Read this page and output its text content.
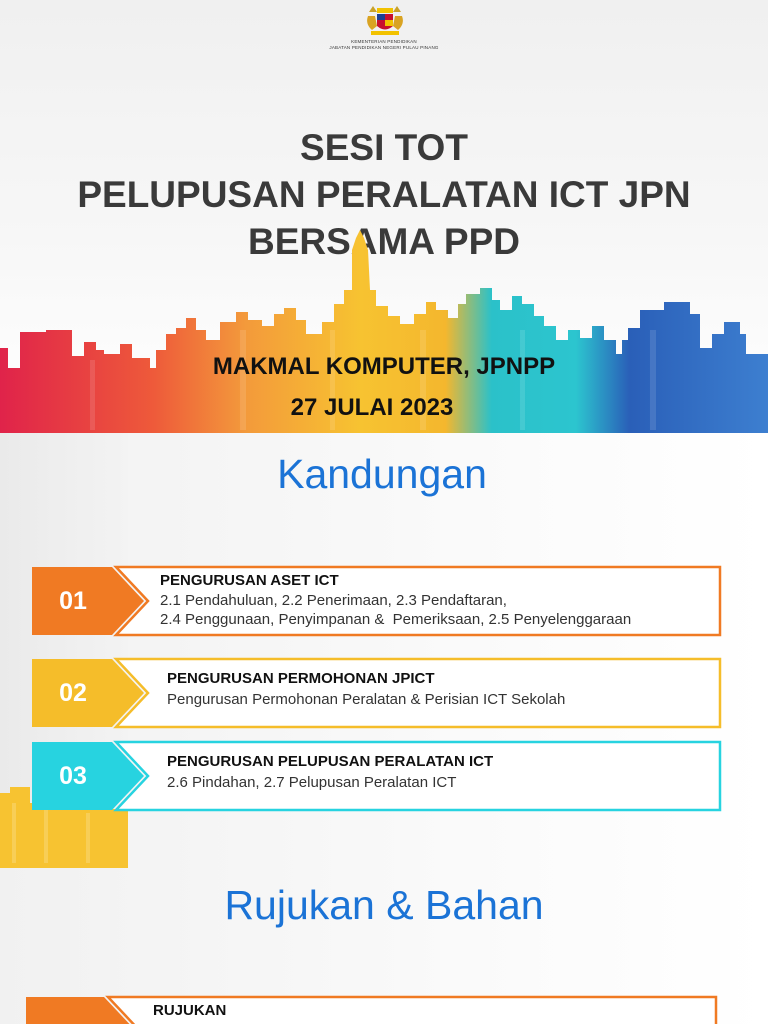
KEMENTERIAN PENDIDIKAN
JABATAN PENDIDIKAN NEGERI PULAU PINANG
SESI TOT
PELUPUSAN PERALATAN ICT JPN
BERSAMA PPD
MAKMAL KOMPUTER, JPNPP
27 JULAI 2023
Kandungan
01
PENGURUSAN ASET ICT
2.1 Pendahuluan, 2.2 Penerimaan, 2.3 Pendaftaran,
2.4 Penggunaan, Penyimpanan &  Pemeriksaan, 2.5 Penyelenggaraan
02	PENGURUSAN PERMOHONAN JPICT
Pengurusan Permohonan Peralatan & Perisian ICT Sekolah
03	PENGURUSAN PELUPUSAN PERALATAN ICT
2.6 Pindahan, 2.7 Pelupusan Peralatan ICT
Rujukan & Bahan
RUJUKAN
